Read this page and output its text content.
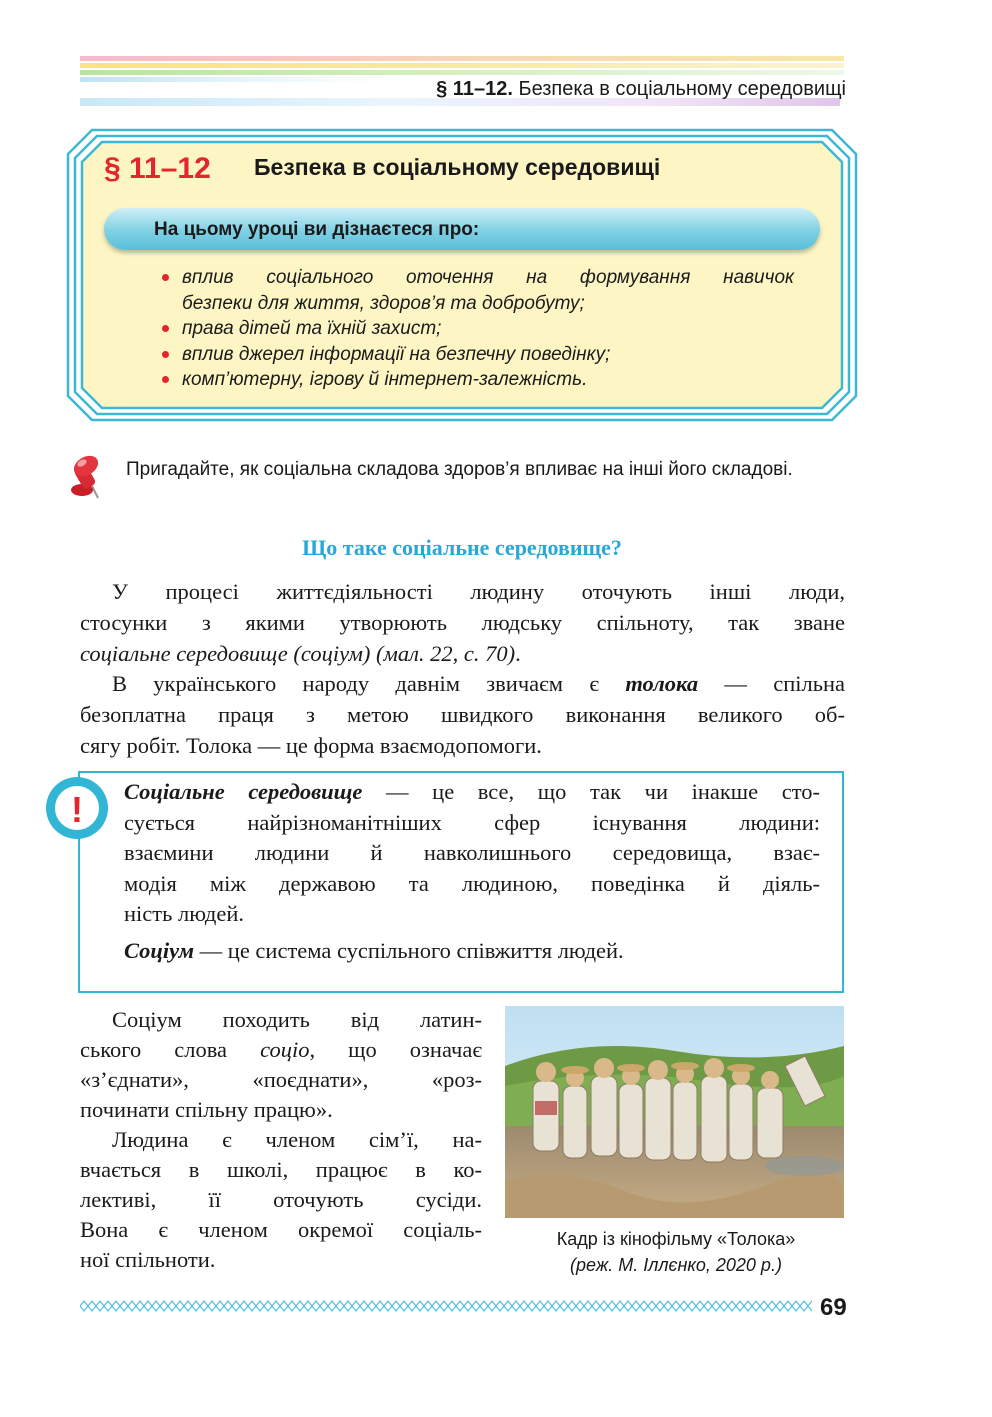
§ 11–12. Безпека в соціальному середовищі
§ 11–12 Безпека в соціальному середовищі
На цьому уроці ви дізнаєтеся про:
вплив соціального оточення на формування навичок
безпеки для життя, здоров’я та добробуту;
права дітей та їхній захист;
вплив джерел інформації на безпечну поведінку;
комп’ютерну, ігрову й інтернет-залежність.
Пригадайте, як соціальна складова здоров’я впливає на інші його складові.
Що таке соціальне середовище?
У процесі життєдіяльності людину оточують інші люди,
стосунки з якими утворюють людську спільноту, так зване
соціальне середовище (соціум) (мал. 22, с. 70).
В українського народу давнім звичаєм є толока — спільна
безоплатна праця з метою швидкого виконання великого об-
сягу робіт. Толока — це форма взаємодопомоги.
!	Соціальне середовище — це все, що так чи інакше сто-
сується найрізноманітніших сфер існування людини:
взаємини людини й навколишнього середовища, взає-
модія між державою та людиною, поведінка й діяль-
ність людей.
Соціум — це система суспільного співжиття людей.
Соціум походить від латин-
ського слова соціо, що означає
«з’єднати», «поєднати», «роз-
починати спільну працю».
Людина є членом сім’ї, на-
вчається в школі, працює в ко-
лективі, її оточують сусіди.
Вона є членом окремої соціаль-
ної спільноти.
Кадр із кінофільму «Толока»
(реж. М. Іллєнко, 2020 р.)
69
